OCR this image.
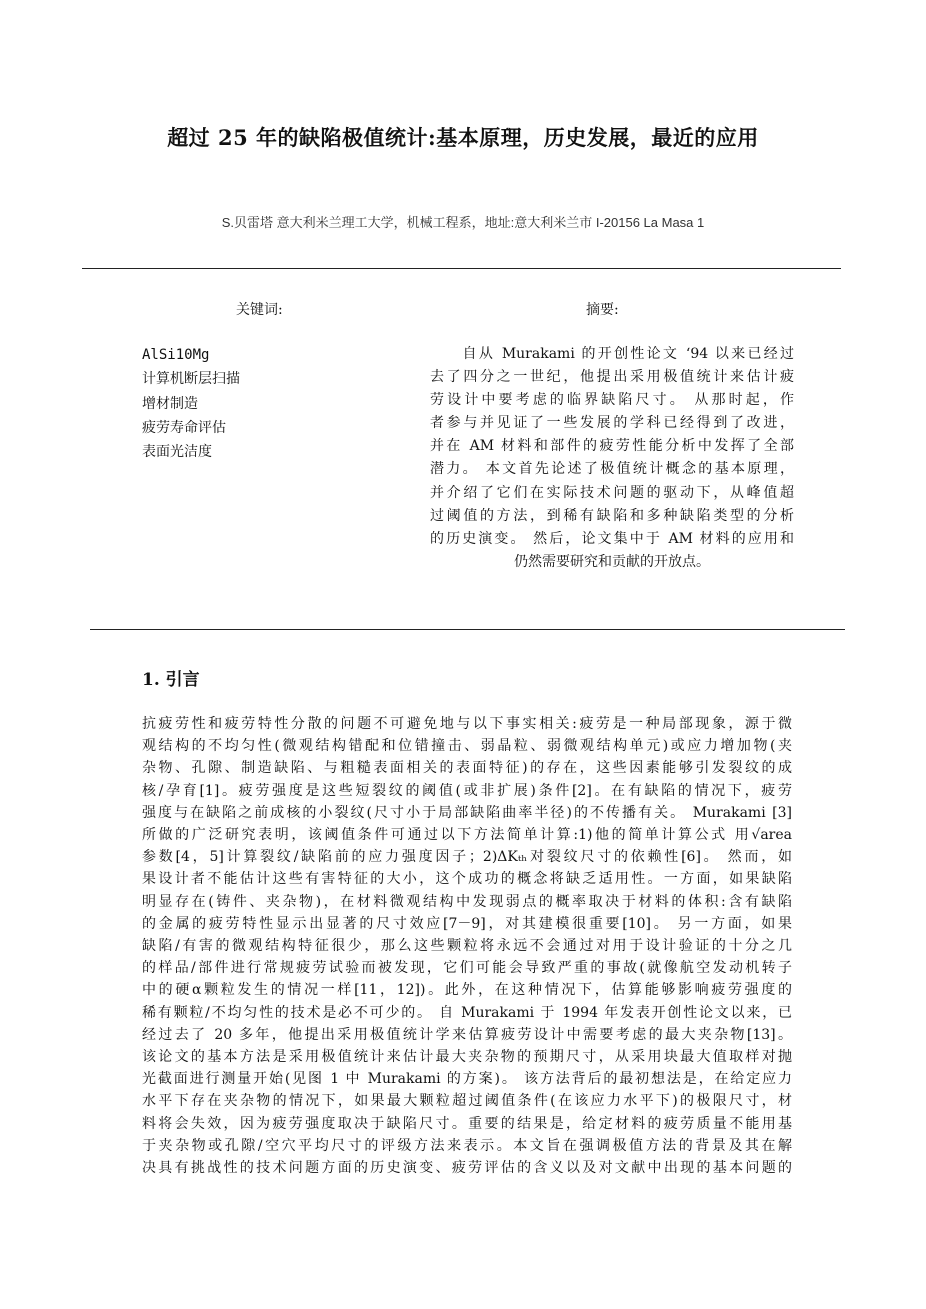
超过 25 年的缺陷极值统计:基本原理，历史发展，最近的应用
S.贝雷塔 意大利米兰理工大学，机械工程系，地址:意大利米兰市 I-20156 La Masa 1
关键词:	摘要:
AlSi10Mg
计算机断层扫描
增材制造
疲劳寿命评估
表面光洁度
　　自从 Murakami 的开创性论文 ‘94 以来已经过
去了四分之一世纪，他提出采用极值统计来估计疲
劳设计中要考虑的临界缺陷尺寸。 从那时起，作
者参与并见证了一些发展的学科已经得到了改进，
并在 AM 材料和部件的疲劳性能分析中发挥了全部
潜力。 本文首先论述了极值统计概念的基本原理，
并介绍了它们在实际技术问题的驱动下，从峰值超
过阈值的方法，到稀有缺陷和多种缺陷类型的分析
的历史演变。 然后，论文集中于 AM 材料的应用和
仍然需要研究和贡献的开放点。
1. 引言
抗疲劳性和疲劳特性分散的问题不可避免地与以下事实相关:疲劳是一种局部现象，源于微
观结构的不均匀性(微观结构错配和位错撞击、弱晶粒、弱微观结构单元)或应力增加物(夹
杂物、孔隙、制造缺陷、与粗糙表面相关的表面特征)的存在，这些因素能够引发裂纹的成
核/孕育[1]。疲劳强度是这些短裂纹的阈值(或非扩展)条件[2]。在有缺陷的情况下，疲劳
强度与在缺陷之前成核的小裂纹(尺寸小于局部缺陷曲率半径)的不传播有关。 Murakami [3]
所做的广泛研究表明，该阈值条件可通过以下方法简单计算:1)他的简单计算公式 用√area
参数[4，5]计算裂纹/缺陷前的应力强度因子；2)ΔKₜₕ对裂纹尺寸的依赖性[6]。 然而，如
果设计者不能估计这些有害特征的大小，这个成功的概念将缺乏适用性。一方面，如果缺陷
明显存在(铸件、夹杂物)，在材料微观结构中发现弱点的概率取决于材料的体积:含有缺陷
的金属的疲劳特性显示出显著的尺寸效应[7－9]，对其建模很重要[10]。 另一方面，如果
缺陷/有害的微观结构特征很少，那么这些颗粒将永远不会通过对用于设计验证的十分之几
的样品/部件进行常规疲劳试验而被发现，它们可能会导致严重的事故(就像航空发动机转子
中的硬α颗粒发生的情况一样[11，12])。此外，在这种情况下，估算能够影响疲劳强度的
稀有颗粒/不均匀性的技术是必不可少的。 自 Murakami 于 1994 年发表开创性论文以来，已
经过去了 20 多年，他提出采用极值统计学来估算疲劳设计中需要考虑的最大夹杂物[13]。
该论文的基本方法是采用极值统计来估计最大夹杂物的预期尺寸，从采用块最大值取样对抛
光截面进行测量开始(见图 1 中 Murakami 的方案)。 该方法背后的最初想法是，在给定应力
水平下存在夹杂物的情况下，如果最大颗粒超过阈值条件(在该应力水平下)的极限尺寸，材
料将会失效，因为疲劳强度取决于缺陷尺寸。重要的结果是，给定材料的疲劳质量不能用基
于夹杂物或孔隙/空穴平均尺寸的评级方法来表示。本文旨在强调极值方法的背景及其在解
决具有挑战性的技术问题方面的历史演变、疲劳评估的含义以及对文献中出现的基本问题的
